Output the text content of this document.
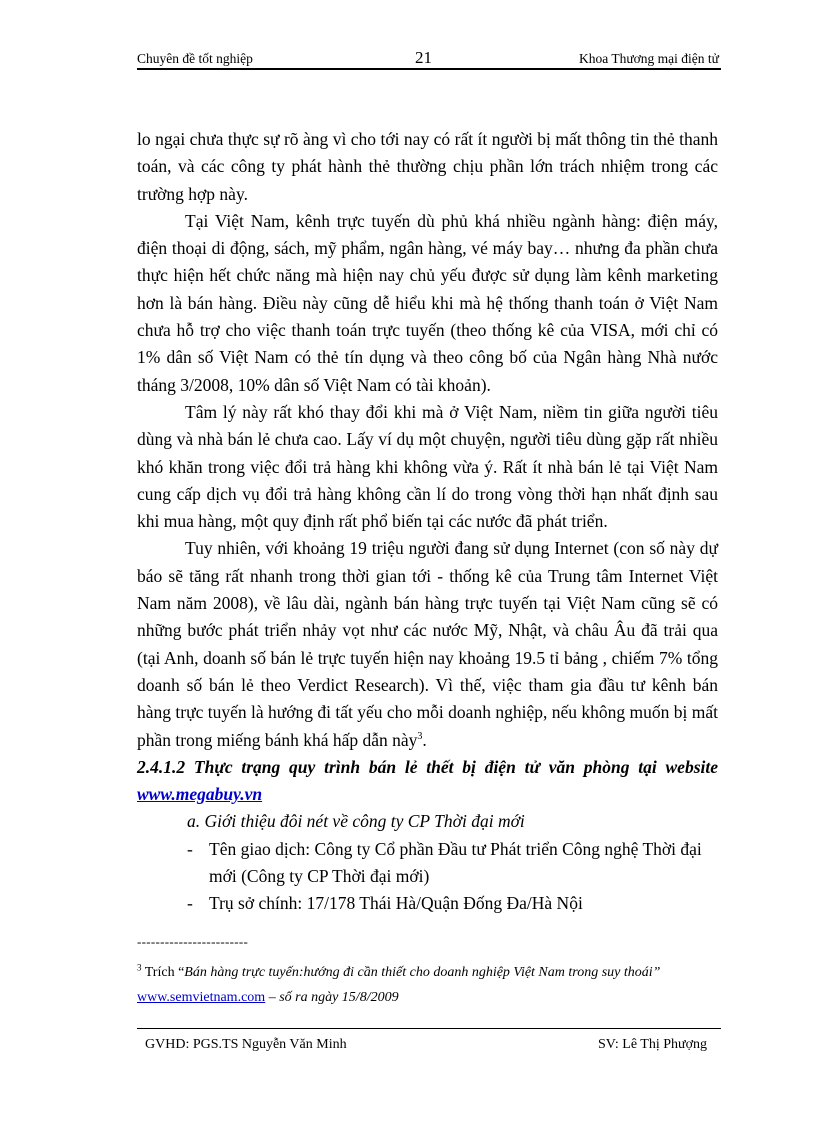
Chuyên đề tốt nghiệp	21	Khoa Thương mại điện tử

lo ngại chưa thực sự rõ àng vì cho tới nay có rất ít người bị mất thông tin thẻ thanh toán, và các công ty phát hành thẻ thường chịu phần lớn trách nhiệm trong các trường hợp này.

Tại Việt Nam, kênh trực tuyến dù phủ khá nhiều ngành hàng: điện máy, điện thoại di động, sách, mỹ phẩm, ngân hàng, vé máy bay… nhưng đa phần chưa thực hiện hết chức năng mà hiện nay chủ yếu được sử dụng làm kênh marketing hơn là bán hàng. Điều này cũng dễ hiểu khi mà hệ thống thanh toán ở Việt Nam chưa hỗ trợ cho việc thanh toán trực tuyến (theo thống kê của VISA, mới chỉ có 1% dân số Việt Nam có thẻ tín dụng và theo công bố của Ngân hàng Nhà nước tháng 3/2008, 10% dân số Việt Nam có tài khoản).

Tâm lý này rất khó thay đổi khi mà ở Việt Nam, niềm tin giữa người tiêu dùng và nhà bán lẻ chưa cao. Lấy ví dụ một chuyện, người tiêu dùng gặp rất nhiều khó khăn trong việc đổi trả hàng khi không vừa ý. Rất ít nhà bán lẻ tại Việt Nam cung cấp dịch vụ đổi trả hàng không cần lí do trong vòng thời hạn nhất định sau khi mua hàng, một quy định rất phổ biến tại các nước đã phát triển.

Tuy nhiên, với khoảng 19 triệu người đang sử dụng Internet (con số này dự báo sẽ tăng rất nhanh trong thời gian tới - thống kê của Trung tâm Internet Việt Nam năm 2008), về lâu dài, ngành bán hàng trực tuyến tại Việt Nam cũng sẽ có những bước phát triển nhảy vọt như các nước Mỹ, Nhật, và châu Âu đã trải qua (tại Anh, doanh số bán lẻ trực tuyến hiện nay khoảng 19.5 tỉ bảng , chiếm 7% tổng doanh số bán lẻ theo Verdict Research). Vì thế, việc tham gia đầu tư kênh bán hàng trực tuyến là hướng đi tất yếu cho mỗi doanh nghiệp, nếu không muốn bị mất phần trong miếng bánh khá hấp dẫn này$^3$.

2.4.1.2 Thực trạng quy trình bán lẻ thết bị điện tử văn phòng tại website www.megabuy.vn

a. Giới thiệu đôi nét về công ty CP Thời đại mới
- Tên giao dịch: Công ty Cổ phần Đầu tư Phát triển Công nghệ Thời đại mới (Công ty CP Thời đại mới)
- Trụ sở chính: 17/178 Thái Hà/Quận Đống Đa/Hà Nội
------------------------
$^3$ Trích “Bán hàng trực tuyến:hướng đi cần thiết cho doanh nghiệp Việt Nam trong suy thoái”
www.semvietnam.com – số ra ngày 15/8/2009
GVHD: PGS.TS Nguyễn Văn Minh	SV: Lê Thị Phượng
